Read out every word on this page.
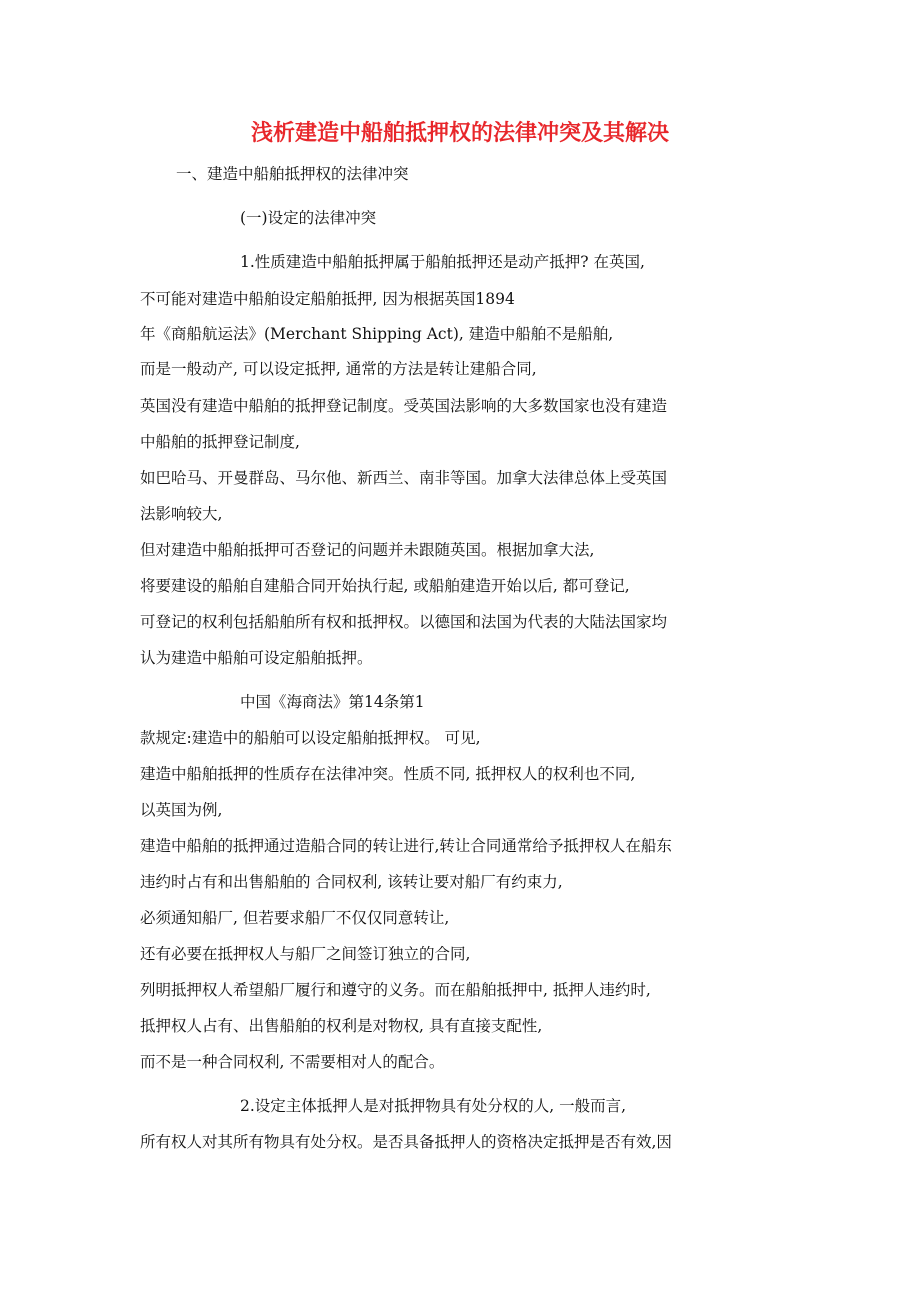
浅析建造中船舶抵押权的法律冲突及其解决
一、建造中船舶抵押权的法律冲突
(一)设定的法律冲突
1.性质建造中船舶抵押属于船舶抵押还是动产抵押? 在英国,
不可能对建造中船舶设定船舶抵押, 因为根据英国1894
年《商船航运法》(Merchant Shipping Act), 建造中船舶不是船舶,
而是一般动产, 可以设定抵押, 通常的方法是转让建船合同,
英国没有建造中船舶的抵押登记制度。受英国法影响的大多数国家也没有建造
中船舶的抵押登记制度,
如巴哈马、开曼群岛、马尔他、新西兰、南非等国。加拿大法律总体上受英国
法影响较大,
但对建造中船舶抵押可否登记的问题并未跟随英国。根据加拿大法,
将要建设的船舶自建船合同开始执行起, 或船舶建造开始以后, 都可登记,
可登记的权利包括船舶所有权和抵押权。以德国和法国为代表的大陆法国家均
认为建造中船舶可设定船舶抵押。
中国《海商法》第14条第1
款规定:建造中的船舶可以设定船舶抵押权。 可见,
建造中船舶抵押的性质存在法律冲突。性质不同, 抵押权人的权利也不同,
以英国为例,
建造中船舶的抵押通过造船合同的转让进行,转让合同通常给予抵押权人在船东
违约时占有和出售船舶的 合同权利, 该转让要对船厂有约束力,
必须通知船厂, 但若要求船厂不仅仅同意转让,
还有必要在抵押权人与船厂之间签订独立的合同,
列明抵押权人希望船厂履行和遵守的义务。而在船舶抵押中, 抵押人违约时,
抵押权人占有、出售船舶的权利是对物权, 具有直接支配性,
而不是一种合同权利, 不需要相对人的配合。
2.设定主体抵押人是对抵押物具有处分权的人, 一般而言,
所有权人对其所有物具有处分权。是否具备抵押人的资格决定抵押是否有效,因
